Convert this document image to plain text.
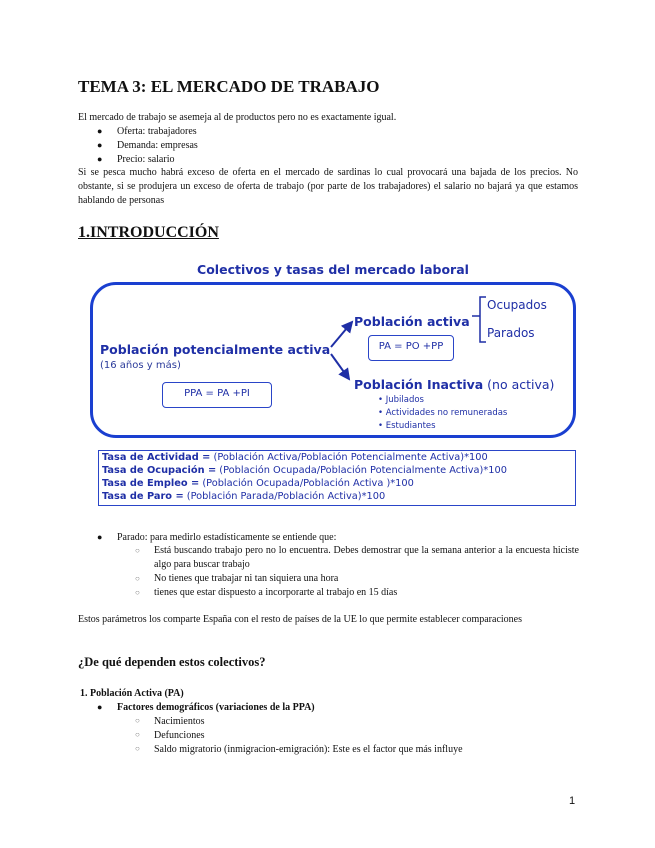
TEMA 3: EL MERCADO DE TRABAJO
El mercado de trabajo se asemeja al de productos pero no es exactamente igual.
● Oferta: trabajadores
● Demanda: empresas
● Precio: salario
Si se pesca mucho habrá exceso de oferta en el mercado de sardinas lo cual provocará una bajada de los precios. No obstante, si se produjera un exceso de oferta de trabajo (por parte de los trabajadores) el salario no bajará ya que estamos hablando de personas
1.INTRODUCCIÓN
Colectivos y tasas del mercado laboral
Población potencialmente activa
(16 años y más)
PPA = PA +PI
Población activa
PA = PO +PP
Ocupados
Parados
Población Inactiva (no activa)
• Jubilados
• Actividades no remuneradas
• Estudiantes
Tasa de Actividad = (Población Activa/Población Potencialmente Activa)*100
Tasa de Ocupación = (Población Ocupada/Población Potencialmente Activa)*100
Tasa de Empleo = (Población Ocupada/Población Activa )*100
Tasa de Paro = (Población Parada/Población Activa)*100
● Parado: para medirlo estadísticamente se entiende que:
○ Está buscando trabajo pero no lo encuentra. Debes demostrar que la semana anterior a la encuesta hiciste algo para buscar trabajo
○ No tienes que trabajar ni tan siquiera una hora
○ tienes que estar dispuesto a incorporarte al trabajo en 15 días
Estos parámetros los comparte España con el resto de países de la UE lo que permite establecer comparaciones
¿De qué dependen estos colectivos?
1. Población Activa (PA)
● Factores demográficos (variaciones de la PPA)
○ Nacimientos
○ Defunciones
○ Saldo migratorio (inmigracion-emigración): Este es el factor que más influye
1
